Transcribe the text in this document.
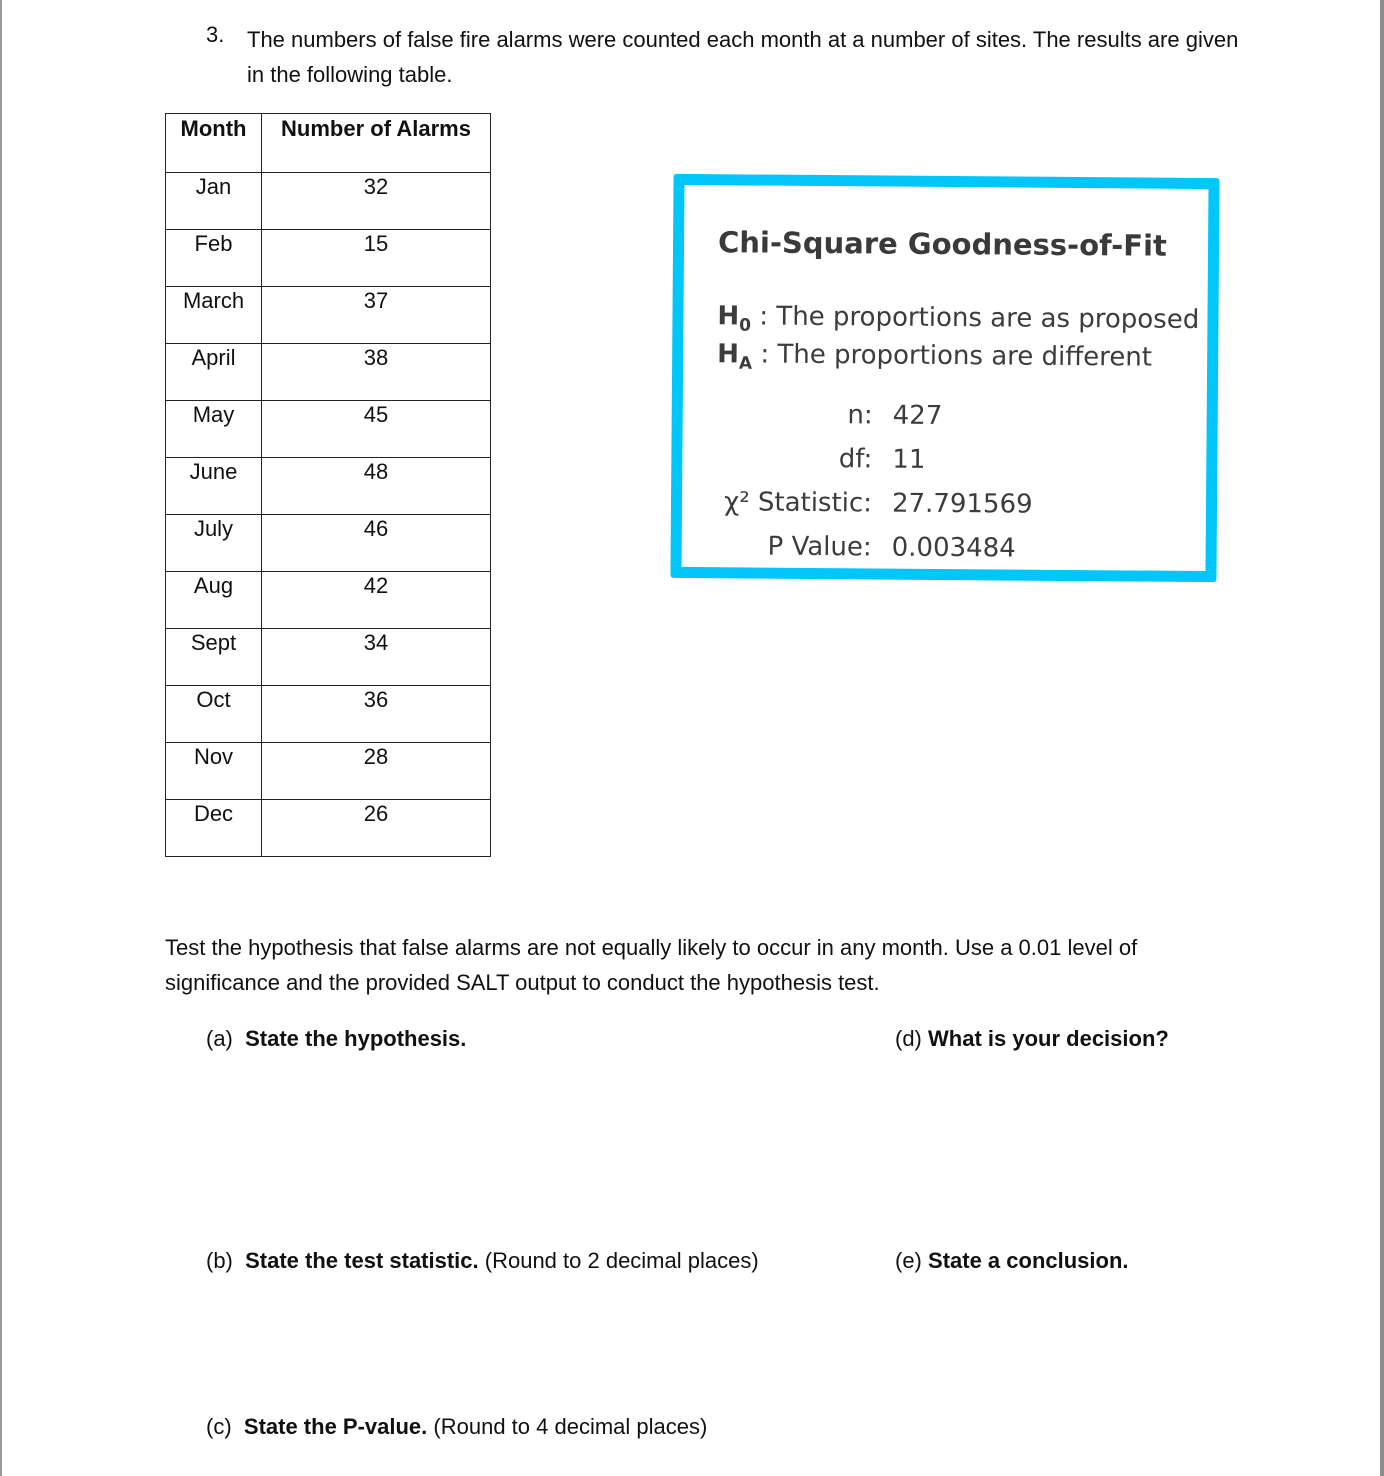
3. The numbers of false fire alarms were counted each month at a number of sites. The results are given in the following table.
Month	Number of Alarms
Jan	32
Feb	15
March	37
April	38
May	45
June	48
July	46
Aug	42
Sept	34
Oct	36
Nov	28
Dec	26
Chi-Square Goodness-of-Fit
$H_0$ : The proportions are as proposed
$H_A$ : The proportions are different
n: 427
df: 11
χ² Statistic: 27.791569
P Value: 0.003484
Test the hypothesis that false alarms are not equally likely to occur in any month. Use a 0.01 level of significance and the provided SALT output to conduct the hypothesis test.
(a) State the hypothesis.	(d) What is your decision?
(b) State the test statistic. (Round to 2 decimal places)	(e) State a conclusion.
(c) State the P-value. (Round to 4 decimal places)
